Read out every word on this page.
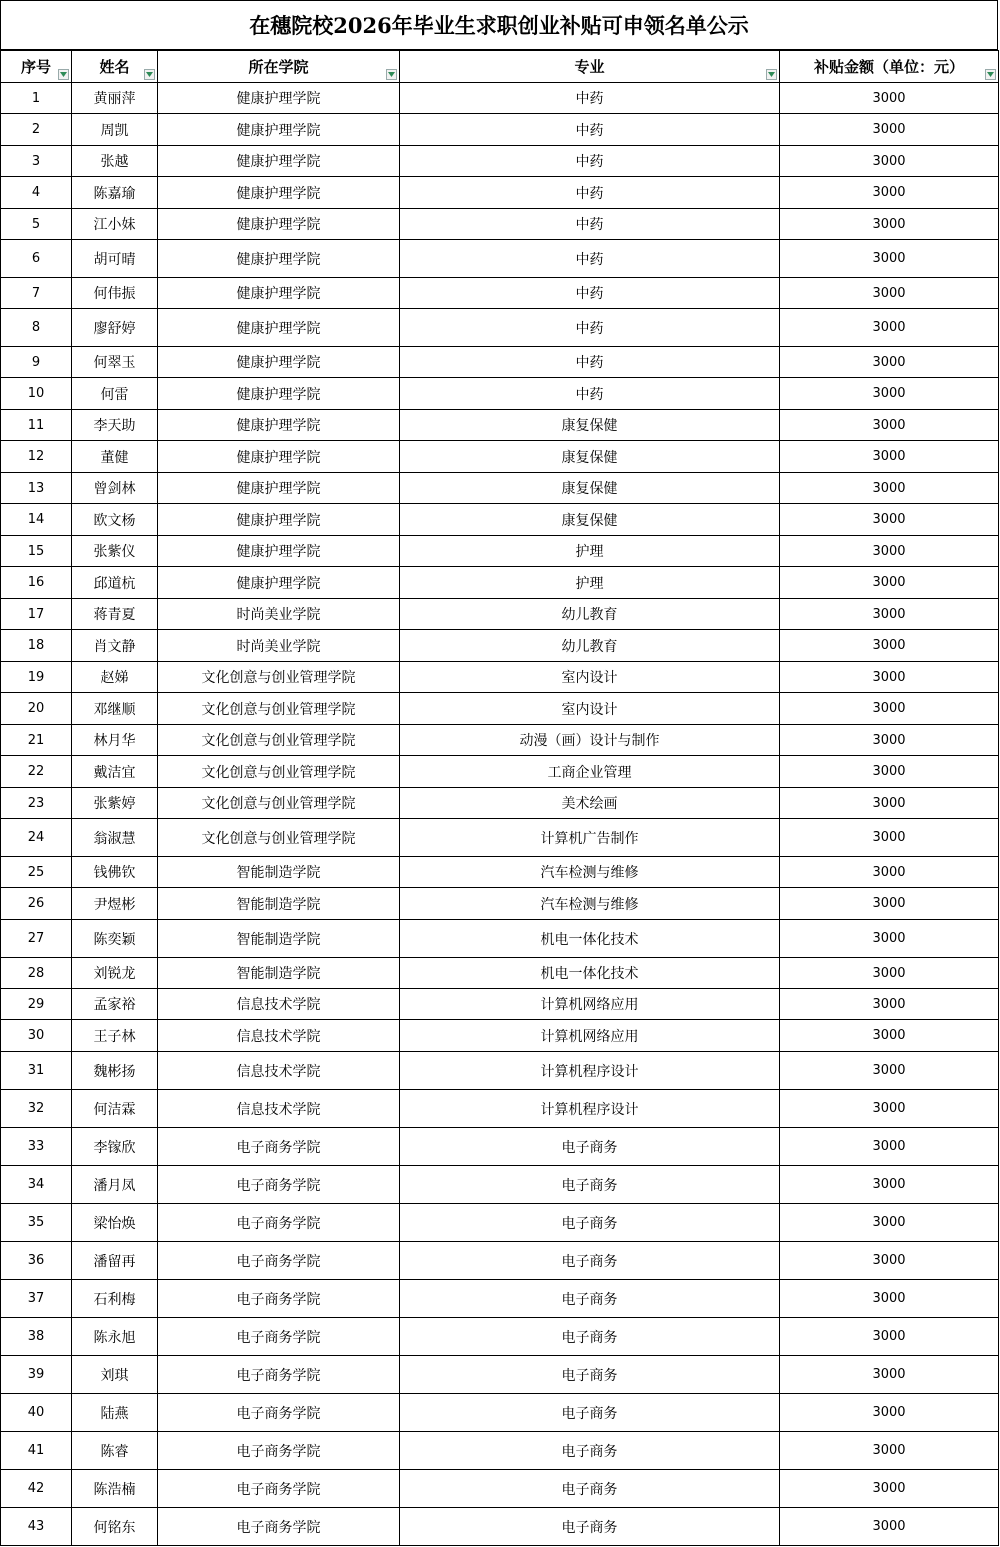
在穗院校2026年毕业生求职创业补贴可申领名单公示
序号	姓名	所在学院	专业	补贴金额（单位：元）

1	黄丽萍	健康护理学院	中药	3000
2	周凯	健康护理学院	中药	3000
3	张越	健康护理学院	中药	3000
4	陈嘉瑜	健康护理学院	中药	3000
5	江小妹	健康护理学院	中药	3000
6	胡可晴	健康护理学院	中药	3000
7	何伟振	健康护理学院	中药	3000
8	廖舒婷	健康护理学院	中药	3000
9	何翠玉	健康护理学院	中药	3000
10	何雷	健康护理学院	中药	3000
11	李天助	健康护理学院	康复保健	3000
12	董健	健康护理学院	康复保健	3000
13	曾剑林	健康护理学院	康复保健	3000
14	欧文杨	健康护理学院	康复保健	3000
15	张紫仪	健康护理学院	护理	3000
16	邱道杭	健康护理学院	护理	3000
17	蒋青夏	时尚美业学院	幼儿教育	3000
18	肖文静	时尚美业学院	幼儿教育	3000
19	赵娣	文化创意与创业管理学院	室内设计	3000
20	邓继顺	文化创意与创业管理学院	室内设计	3000
21	林月华	文化创意与创业管理学院	动漫（画）设计与制作	3000
22	戴洁宜	文化创意与创业管理学院	工商企业管理	3000
23	张紫婷	文化创意与创业管理学院	美术绘画	3000
24	翁淑慧	文化创意与创业管理学院	计算机广告制作	3000
25	钱佛钦	智能制造学院	汽车检测与维修	3000
26	尹煜彬	智能制造学院	汽车检测与维修	3000
27	陈奕颖	智能制造学院	机电一体化技术	3000
28	刘锐龙	智能制造学院	机电一体化技术	3000
29	孟家裕	信息技术学院	计算机网络应用	3000
30	王子林	信息技术学院	计算机网络应用	3000
31	魏彬扬	信息技术学院	计算机程序设计	3000
32	何洁霖	信息技术学院	计算机程序设计	3000
33	李镓欣	电子商务学院	电子商务	3000
34	潘月凤	电子商务学院	电子商务	3000
35	梁怡焕	电子商务学院	电子商务	3000
36	潘留再	电子商务学院	电子商务	3000
37	石利梅	电子商务学院	电子商务	3000
38	陈永旭	电子商务学院	电子商务	3000
39	刘琪	电子商务学院	电子商务	3000
40	陆燕	电子商务学院	电子商务	3000
41	陈睿	电子商务学院	电子商务	3000
42	陈浩楠	电子商务学院	电子商务	3000
43	何铭东	电子商务学院	电子商务	3000
